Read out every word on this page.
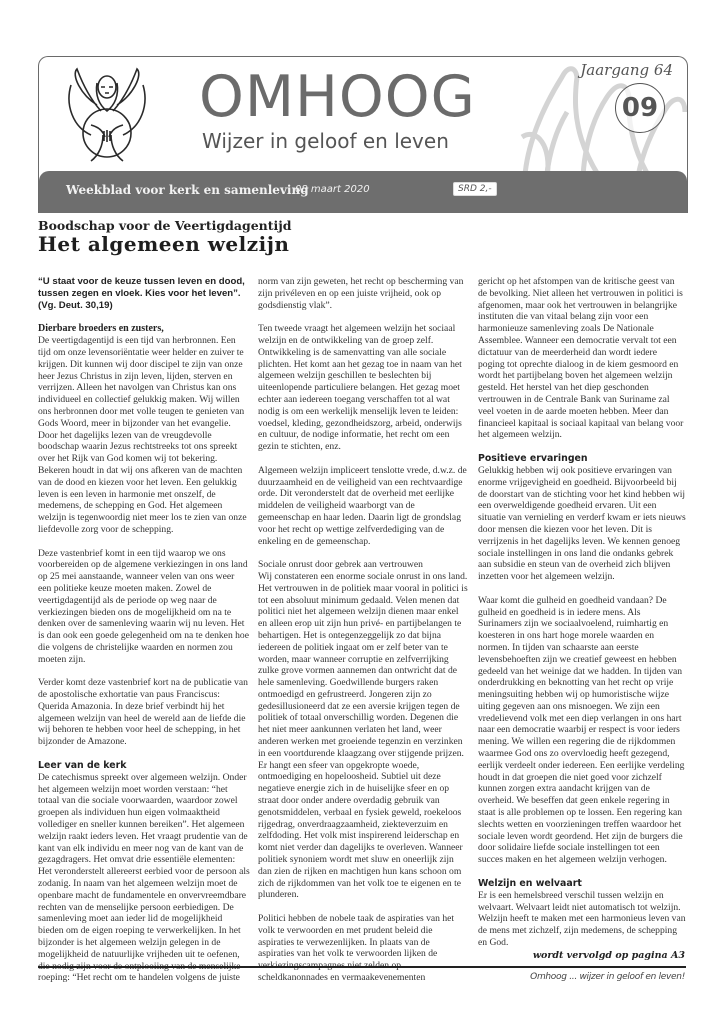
OMHOOG
Wijzer in geloof en leven
Jaargang 64
09
Weekblad voor kerk en samenleving
08 maart 2020	SRD 2,-
Boodschap voor de Veertigdagentijd
Het algemeen welzijn
“U staat voor de keuze tussen leven en dood, tussen zegen en vloek. Kies voor het leven”. (Vg. Deut. 30,19)
Dierbare broeders en zusters,

De veertigdagentijd is een tijd van herbronnen. Een tijd om onze levensoriëntatie weer helder en zuiver te krijgen. Dit kunnen wij door discipel te zijn van onze heer Jezus Christus in zijn leven, lijden, sterven en verrijzen. Alleen het navolgen van Christus kan ons individueel en collectief gelukkig maken. Wij willen ons herbronnen door met volle teugen te genieten van Gods Woord, meer in bijzonder van het evangelie. Door het dagelijks lezen van de vreugdevolle boodschap waarin Jezus rechtstreeks tot ons spreekt over het Rijk van God komen wij tot bekering. Bekeren houdt in dat wij ons afkeren van de machten van de dood en kiezen voor het leven. Een gelukkig leven is een leven in harmonie met onszelf, de medemens, de schepping en God. Het algemeen welzijn is tegenwoordig niet meer los te zien van onze liefdevolle zorg voor de schepping.

Deze vastenbrief komt in een tijd waarop we ons voorbereiden op de algemene verkiezingen in ons land op 25 mei aanstaande, wanneer velen van ons weer een politieke keuze moeten maken. Zowel de veertigdagentijd als de periode op weg naar de verkiezingen bieden ons de mogelijkheid om na te denken over de samenleving waarin wij nu leven. Het is dan ook een goede gelegenheid om na te denken hoe die volgens de christelijke waarden en normen zou moeten zijn.

Verder komt deze vastenbrief kort na de publicatie van de apostolische exhortatie van paus Franciscus: Querida Amazonia. In deze brief verbindt hij het algemeen welzijn van heel de wereld aan de liefde die wij behoren te hebben voor heel de schepping, in het bijzonder de Amazone.

Leer van de kerk

De catechismus spreekt over algemeen welzijn. Onder het algemeen welzijn moet worden verstaan: “het totaal van die sociale voorwaarden, waardoor zowel groepen als individuen hun eigen volmaaktheid vollediger en sneller kunnen bereiken”. Het algemeen welzijn raakt ieders leven. Het vraagt prudentie van de kant van elk individu en meer nog van de kant van de gezagdragers. Het omvat drie essentiële elementen: Het veronderstelt allereerst eerbied voor de persoon als zodanig. In naam van het algemeen welzijn moet de openbare macht de fundamentele en onvervreemdbare rechten van de menselijke persoon eerbiedigen. De samenleving moet aan ieder lid de mogelijkheid bieden om de eigen roeping te verwerkelijken. In het bijzonder is het algemeen welzijn gelegen in de mogelijkheid de natuurlijke vrijheden uit te oefenen, roeping: “Het recht om te handelen volgens de juiste

norm van zijn geweten, het recht op bescherming van zijn privéleven en op een juiste vrijheid, ook op godsdienstig vlak”.

Ten tweede vraagt het algemeen welzijn het sociaal welzijn en de ontwikkeling van de groep zelf. Ontwikkeling is de samenvatting van alle sociale plichten. Het komt aan het gezag toe in naam van het algemeen welzijn geschillen te beslechten bij uiteenlopende particuliere belangen. Het gezag moet echter aan iedereen toegang verschaffen tot al wat nodig is om een werkelijk menselijk leven te leiden: voedsel, kleding, gezondheidszorg, arbeid, onderwijs en cultuur, de nodige informatie, het recht om een gezin te stichten, enz.

Algemeen welzijn impliceert tenslotte vrede, d.w.z. de duurzaamheid en de veiligheid van een rechtvaardige orde. Dit veronderstelt dat de overheid met eerlijke middelen de veiligheid waarborgt van de gemeenschap en haar leden. Daarin ligt de grondslag voor het recht op wettige zelfverdediging van de enkeling en de gemeenschap.

Sociale onrust door gebrek aan vertrouwen

Wij constateren een enorme sociale onrust in ons land. Het vertrouwen in de politiek maar vooral in politici is tot een absoluut minimum gedaald. Velen menen dat politici niet het algemeen welzijn dienen maar enkel en alleen erop uit zijn hun privé- en partijbelangen te behartigen. Het is ontegenzeggelijk zo dat bijna iedereen de politiek ingaat om er zelf beter van te worden, maar wanneer corruptie en zelfverrijking zulke grove vormen aannemen dan ontwricht dat de hele samenleving. Goedwillende burgers raken ontmoedigd en gefrustreerd. Jongeren zijn zo gedesillusioneerd dat ze een aversie krijgen tegen de politiek of totaal onverschillig worden. Degenen die het niet meer aankunnen verlaten het land, weer anderen werken met groeiende tegenzin en verzinken in een voortdurende klaagzang over stijgende prijzen. Er hangt een sfeer van opgekropte woede, ontmoediging en hopeloosheid. Subtiel uit deze negatieve energie zich in de huiselijke sfeer en op straat door onder andere overdadig gebruik van genotsmiddelen, verbaal en fysiek geweld, roekeloos rijgedrag, onverdraagzaamheid, ziekteverzuim en zelfdoding. Het volk mist inspirerend leiderschap en komt niet verder dan dagelijks te overleven. Wanneer politiek synoniem wordt met sluw en oneerlijk zijn dan zien de rijken en machtigen hun kans schoon om zich de rijkdommen van het volk toe te eigenen en te plunderen.

Politici hebben de nobele taak de aspiraties van het volk te verwoorden en met prudent beleid die aspiraties te verwezenlijken. In plaats van de aspiraties van het volk te verwoorden lijken de scheldkanonnades en vermaakevenementen

gericht op het afstompen van de kritische geest van de bevolking. Niet alleen het vertrouwen in politici is afgenomen, maar ook het vertrouwen in belangrijke instituten die van vitaal belang zijn voor een harmonieuze samenleving zoals De Nationale Assemblee. Wanneer een democratie vervalt tot een dictatuur van de meerderheid dan wordt iedere poging tot oprechte dialoog in de kiem gesmoord en wordt het partijbelang boven het algemeen welzijn gesteld. Het herstel van het diep geschonden vertrouwen in de Centrale Bank van Suriname zal veel voeten in de aarde moeten hebben. Meer dan financieel kapitaal is sociaal kapitaal van belang voor het algemeen welzijn.

Positieve ervaringen

Gelukkig hebben wij ook positieve ervaringen van enorme vrijgevigheid en goedheid. Bijvoorbeeld bij de doorstart van de stichting voor het kind hebben wij een overweldigende goedheid ervaren. Uit een situatie van vernieling en verderf kwam er iets nieuws door mensen die kiezen voor het leven. Dit is verrijzenis in het dagelijks leven. We kennen genoeg sociale instellingen in ons land die ondanks gebrek aan subsidie en steun van de overheid zich blijven inzetten voor het algemeen welzijn.

Waar komt die gulheid en goedheid vandaan? De gulheid en goedheid is in iedere mens. Als Surinamers zijn we sociaalvoelend, ruimhartig en koesteren in ons hart hoge morele waarden en normen. In tijden van schaarste aan eerste levensbehoeften zijn we creatief geweest en hebben gedeeld van het weinige dat we hadden. In tijden van onderdrukking en beknotting van het recht op vrije meningsuiting hebben wij op humoristische wijze uiting gegeven aan ons misnoegen. We zijn een vredelievend volk met een diep verlangen in ons hart naar een democratie waarbij er respect is voor ieders mening. We willen een regering die de rijkdommen waarmee God ons zo overvloedig heeft gezegend, eerlijk verdeelt onder iedereen. Een eerlijke verdeling houdt in dat groepen die niet goed voor zichzelf kunnen zorgen extra aandacht krijgen van de overheid. We beseffen dat geen enkele regering in staat is alle problemen op te lossen. Een regering kan slechts wetten en voorzieningen treffen waardoor het sociale leven wordt geordend. Het zijn de burgers die door solidaire liefde sociale instellingen tot een succes maken en het algemeen welzijn verhogen.

Welzijn en welvaart

Er is een hemelsbreed verschil tussen welzijn en welvaart. Welvaart leidt niet automatisch tot welzijn. Welzijn heeft te maken met een harmonieus leven van de mens met zichzelf, zijn medemens, de schepping en God.

wordt vervolgd op pagina A3
Omhoog ... wijzer in geloof en leven!
